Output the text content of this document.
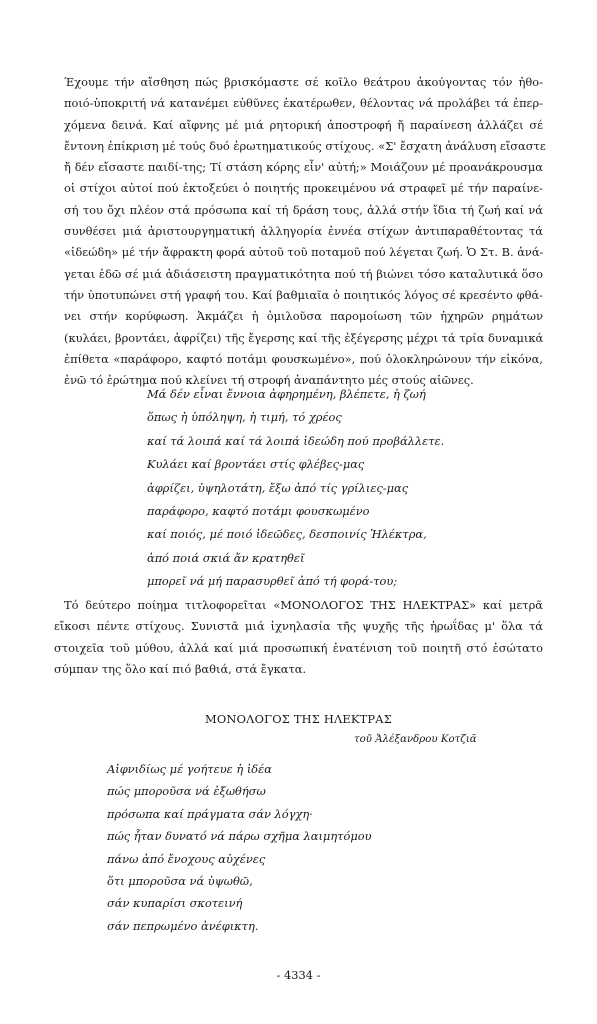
Έχουμε τήν αἴσθηση πώς βρισκόμαστε σέ κοῖλο θεάτρου ἀκούγοντας τόν ἠθο-
ποιό-ὑποκριτή νά κατανέμει εὐθῦνες ἑκατέρωθεν, θέλοντας νά προλάβει τά ἐπερ-
χόμενα δεινά. Καί αἴφνης μέ μιά ρητορική ἀποστροφή ἤ παραίνεση ἀλλάζει σέ
ἔντονη ἐπίκριση μέ τούς δυό ἐρωτηματικούς στίχους. «Σ' ἔσχατη ἀνάλυση εἴσαστε
ἤ δέν εἴσαστε παιδί-της; Τί στάση κόρης εἶν' αὐτή;» Μοιάζουν μέ προανάκρουσμα
οἱ στίχοι αὐτοί πού ἐκτοξεύει ὁ ποιητής προκειμένου νά στραφεῖ μέ τήν παραίνε-
σή του ὄχι πλέον στά πρόσωπα καί τή δράση τους, ἀλλά στήν ἴδια τή ζωή καί νά
συνθέσει μιά ἀριστουργηματική ἀλληγορία ἐννέα στίχων ἀντιπαραθέτοντας τά
«ἰδεώδη» μέ τήν ἄφρακτη φορά αὐτοῦ τοῦ ποταμοῦ πού λέγεται ζωή. Ὁ Στ. Β. ἀνά-
γεται ἐδῶ σέ μιά ἀδιάσειστη πραγματικότητα πού τή βιώνει τόσο καταλυτικά ὅσο
τήν ὑποτυπώνει στή γραφή του. Καί βαθμιαῖα ὁ ποιητικός λόγος σέ κρεσέντο φθά-
νει στήν κορύφωση. Ἀκμάζει ἡ ὁμιλοῦσα παρομοίωση τῶν ἠχηρῶν ρημάτων
(κυλάει, βροντάει, ἀφρίζει) τῆς ἔγερσης καί τῆς ἐξέγερσης μέχρι τά τρία δυναμικά
ἐπίθετα «παράφορο, καφτό ποτάμι φουσκωμένο», πού ὁλοκληρώνουν τήν εἰκόνα,
ἐνῶ τό ἐρώτημα πού κλείνει τή στροφή ἀναπάντητο μές στούς αἰῶνες.
Μά δέν εἶναι ἔννοια ἀφηρημένη, βλέπετε, ἡ ζωή
ὅπως ἡ ὑπόληψη, ἡ τιμή, τό χρέος
καί τά λοιπά καί τά λοιπά ἰδεώδη πού προβάλλετε.
Κυλάει καί βροντάει στίς φλέβες-μας
ἀφρίζει, ὑψηλοτάτη, ἔξω ἀπό τίς γρίλιες-μας
παράφορο, καφτό ποτάμι φουσκωμένο
καί ποιός, μέ ποιό ἰδεῶδες, δεσποινίς Ἠλέκτρα,
ἀπό ποιά σκιά ἄν κρατηθεῖ
μπορεῖ νά μή παρασυρθεῖ ἀπό τή φορά-του;
Τό δεύτερο ποίημα τιτλοφορεῖται «ΜΟΝΟΛΟΓΟΣ ΤΗΣ ΗΛΕΚΤΡΑΣ» καί μετρᾶ
εἴκοσι πέντε στίχους. Συνιστᾶ μιά ἰχνηλασία τῆς ψυχῆς τῆς ἡρωΐδας μ' ὅλα τά
στοιχεῖα τοῦ μύθου, ἀλλά καί μιά προσωπική ἐνατένιση τοῦ ποιητῆ στό ἐσώτατο
σύμπαν της ὅλο καί πιό βαθιά, στά ἔγκατα.
ΜΟΝΟΛΟΓΟΣ ΤΗΣ ΗΛΕΚΤΡΑΣ
τοῦ Ἀλέξανδρου Κοτζιᾶ
Αἰφνιδίως μέ γοήτευε ἡ ἰδέα
πώς μποροῦσα νά ἐξωθήσω
πρόσωπα καί πράγματα σάν λόγχη·
πώς ἦταν δυνατό νά πάρω σχῆμα λαιμητόμου
πάνω ἀπό ἔνοχους αὐχένες
ὅτι μποροῦσα νά ὑψωθῶ,
σάν κυπαρίσι σκοτεινή
σάν πεπρωμένο ἀνέφικτη.
- 4334 -
